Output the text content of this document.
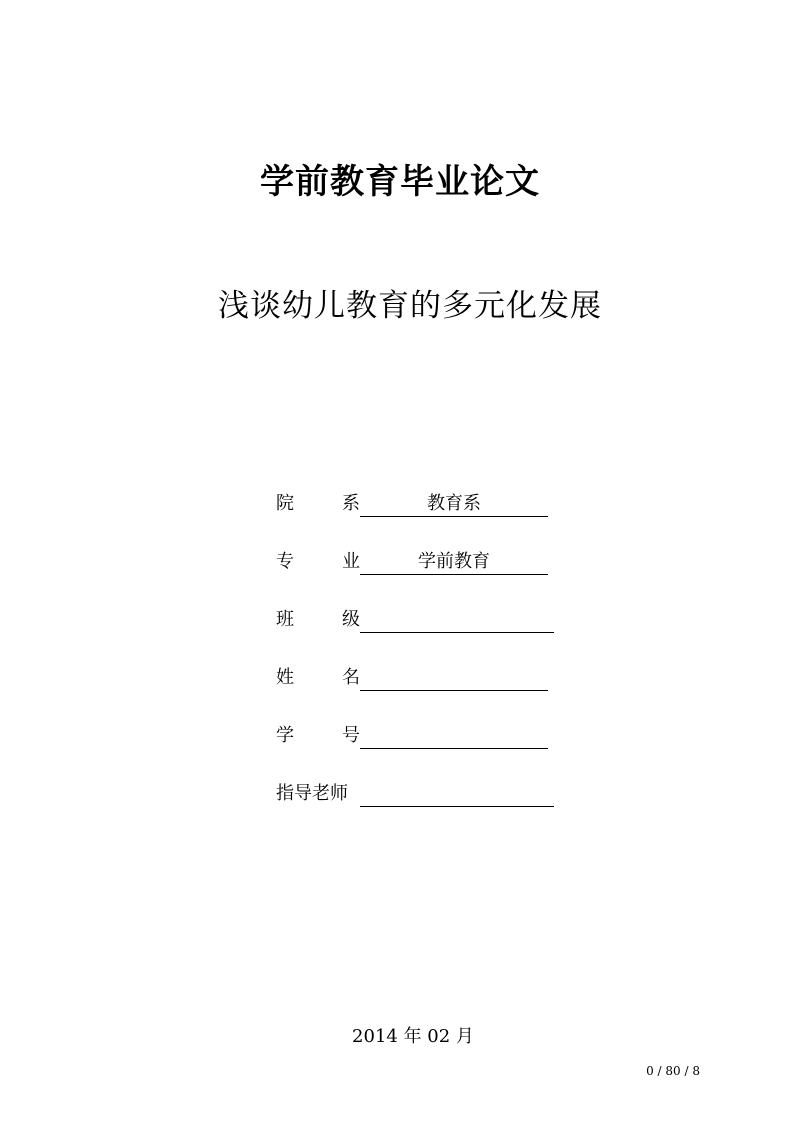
学前教育毕业论文
浅谈幼儿教育的多元化发展
院	系	教育系
专	业	学前教育
班	级
姓	名
学	号
指导老师
2014 年 02 月
0 / 80 / 8
